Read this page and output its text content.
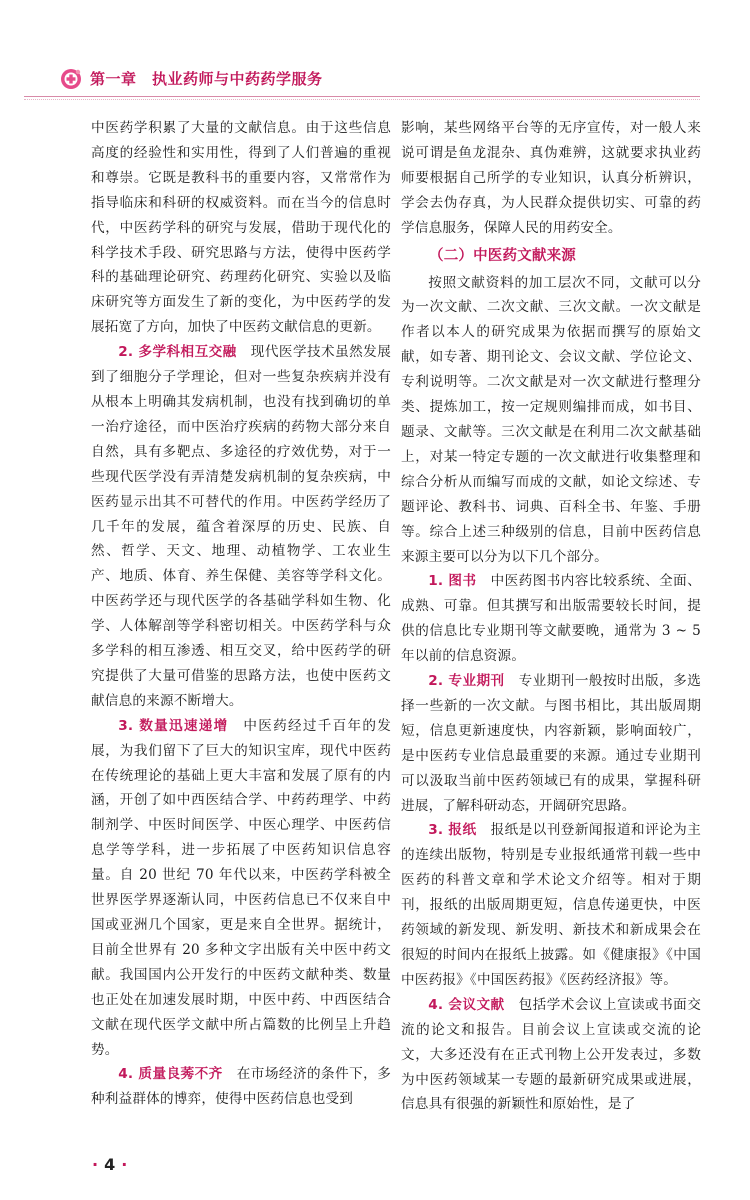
第一章　执业药师与中药药学服务

中医药学积累了大量的文献信息。由于这些信息高度的经验性和实用性，得到了人们普遍的重视和尊崇。它既是教科书的重要内容，又常常作为指导临床和科研的权威资料。而在当今的信息时代，中医药学科的研究与发展，借助于现代化的科学技术手段、研究思路与方法，使得中医药学科的基础理论研究、药理药化研究、实验以及临床研究等方面发生了新的变化，为中医药学的发展拓宽了方向，加快了中医药文献信息的更新。

2. 多学科相互交融　 现代医学技术虽然发展到了细胞分子学理论，但对一些复杂疾病并没有从根本上明确其发病机制，也没有找到确切的单一治疗途径，而中医治疗疾病的药物大部分来自自然，具有多靶点、多途径的疗效优势，对于一些现代医学没有弄清楚发病机制的复杂疾病，中医药显示出其不可替代的作用。中医药学经历了几千年的发展，蕴含着深厚的历史、民族、自然、哲学、天文、地理、动植物学、工农业生产、地质、体育、养生保健、美容等学科文化。中医药学还与现代医学的各基础学科如生物、化学、人体解剖等学科密切相关。中医药学科与众多学科的相互渗透、相互交叉，给中医药学的研究提供了大量可借鉴的思路方法，也使中医药文献信息的来源不断增大。

3. 数量迅速递增　 中医药经过千百年的发展，为我们留下了巨大的知识宝库，现代中医药在传统理论的基础上更大丰富和发展了原有的内涵，开创了如中西医结合学、中药药理学、中药制剂学、中医时间医学、中医心理学、中医药信息学等学科，进一步拓展了中医药知识信息容量。自 20 世纪 70 年代以来，中医药学科被全世界医学界逐渐认同，中医药信息已不仅来自中国或亚洲几个国家，更是来自全世界。据统计，目前全世界有 20 多种文字出版有关中医中药文献。我国国内公开发行的中医药文献种类、数量也正处在加速发展时期，中医中药、中西医结合文献在现代医学文献中所占篇数的比例呈上升趋势。

4. 质量良莠不齐　 在市场经济的条件下，多种利益群体的博弈，使得中医药信息也受到

影响，某些网络平台等的无序宣传，对一般人来说可谓是鱼龙混杂、真伪难辨，这就要求执业药师要根据自己所学的专业知识，认真分析辨识，学会去伪存真，为人民群众提供切实、可靠的药学信息服务，保障人民的用药安全。

（二）中医药文献来源

按照文献资料的加工层次不同，文献可以分为一次文献、二次文献、三次文献。一次文献是作者以本人的研究成果为依据而撰写的原始文献，如专著、期刊论文、会议文献、学位论文、专利说明等。二次文献是对一次文献进行整理分类、提炼加工，按一定规则编排而成，如书目、题录、文献等。三次文献是在利用二次文献基础上，对某一特定专题的一次文献进行收集整理和综合分析从而编写而成的文献，如论文综述、专题评论、教科书、词典、百科全书、年鉴、手册等。综合上述三种级别的信息，目前中医药信息来源主要可以分为以下几个部分。

1. 图书　 中医药图书内容比较系统、全面、成熟、可靠。但其撰写和出版需要较长时间，提供的信息比专业期刊等文献要晚，通常为 3 ~ 5 年以前的信息资源。

2. 专业期刊　 专业期刊一般按时出版，多选择一些新的一次文献。与图书相比，其出版周期短，信息更新速度快，内容新颖，影响面较广，是中医药专业信息最重要的来源。通过专业期刊可以汲取当前中医药领域已有的成果，掌握科研进展，了解科研动态，开阔研究思路。

3. 报纸　 报纸是以刊登新闻报道和评论为主的连续出版物，特别是专业报纸通常刊载一些中医药的科普文章和学术论文介绍等。相对于期刊，报纸的出版周期更短，信息传递更快，中医药领域的新发现、新发明、新技术和新成果会在很短的时间内在报纸上披露。如《健康报》《中国中医药报》《中国医药报》《医药经济报》等。

4. 会议文献　 包括学术会议上宣读或书面交流的论文和报告。目前会议上宣读或交流的论文，大多还没有在正式刊物上公开发表过，多数为中医药领域某一专题的最新研究成果或进展，信息具有很强的新颖性和原始性，是了

· 4 ·
